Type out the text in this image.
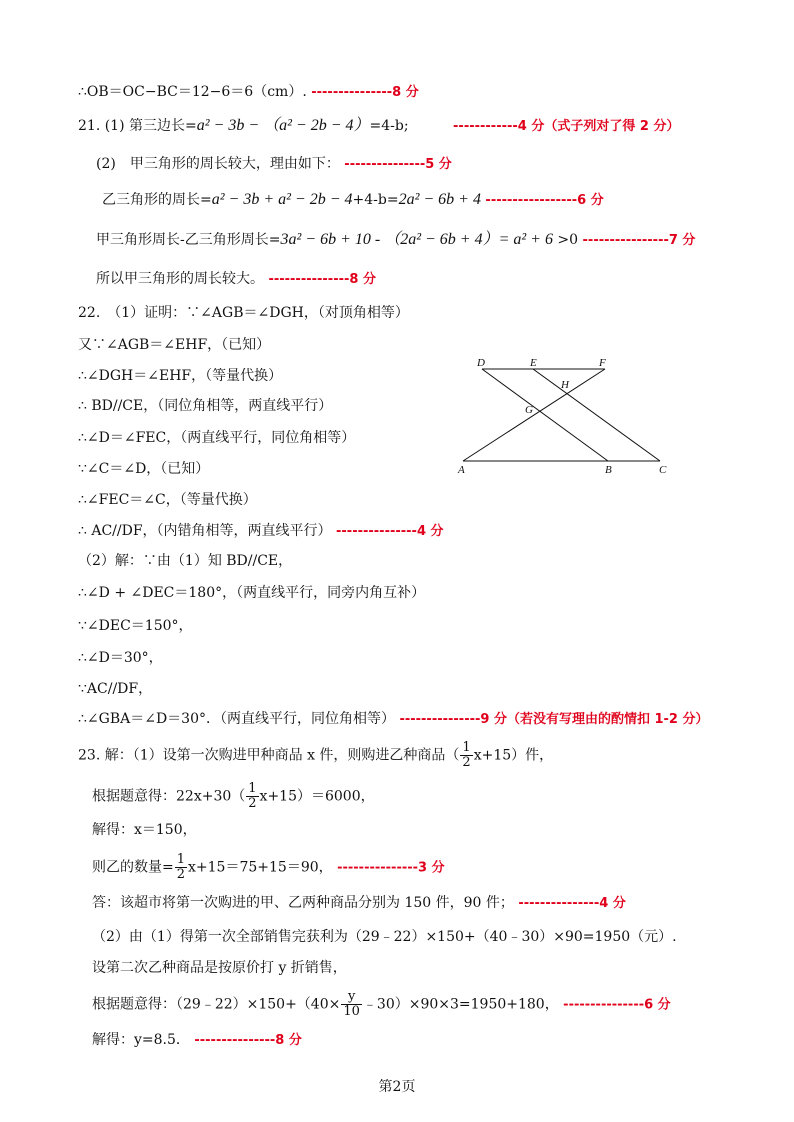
∴OB＝OC−BC＝12−6＝6（cm）. ---------------8 分
21. (1) 第三边长=a² − 3b − （a² − 2b − 4）=4-b;	------------4 分（式子列对了得 2 分）
(2)　甲三角形的周长较大，理由如下： ---------------5 分
乙三角形的周长=a² − 3b + a² − 2b − 4+4-b=2a² − 6b + 4 -----------------6 分
甲三角形周长-乙三角形周长=3a² − 6b + 10 - （2a² − 6b + 4）= a² + 6 >0 ----------------7 分
所以甲三角形的周长较大。 ---------------8 分
22.　（1）证明：∵∠AGB＝∠DGH，（对顶角相等）
又∵∠AGB＝∠EHF，（已知）
∴∠DGH＝∠EHF，（等量代换）
∴ BD//CE，（同位角相等，两直线平行）
∴∠D＝∠FEC，（两直线平行，同位角相等）
∵∠C＝∠D，（已知）
∴∠FEC＝∠C，（等量代换）
∴ AC//DF，（内错角相等，两直线平行） ---------------4 分
（2）解：∵由（1）知 BD//CE，
∴∠D + ∠DEC＝180°，（两直线平行，同旁内角互补）
∵∠DEC＝150°，
∴∠D＝30°，
∵AC//DF，
∴∠GBA＝∠D＝30°．（两直线平行，同位角相等） ---------------9 分（若没有写理由的酌情扣 1-2 分）
23. 解：（1）设第一次购进甲种商品 x 件，则购进乙种商品（ $\frac{1}{2} x+15$）件，
根据题意得：$22x+30( \frac{1}{2} x+15)=6000$，
解得：x＝150，
则乙的数量= $\frac{1}{2} x+15=75+15=90$， ---------------3 分
答：该超市将第一次购进的甲、乙两种商品分别为 150 件，90 件； ---------------4 分
（2）由（1）得第一次全部销售完获利为（29﹣22）×150+（40﹣30）×90=1950（元）.
设第二次乙种商品是按原价打 y 折销售，
根据题意得：（29﹣22）×150+（40× $\frac{y}{10}$ ﹣30）×90×3=1950+180， ---------------6 分
解得：y=8.5． ---------------8 分
D	E	F
H
G
A	B	C
第2页
